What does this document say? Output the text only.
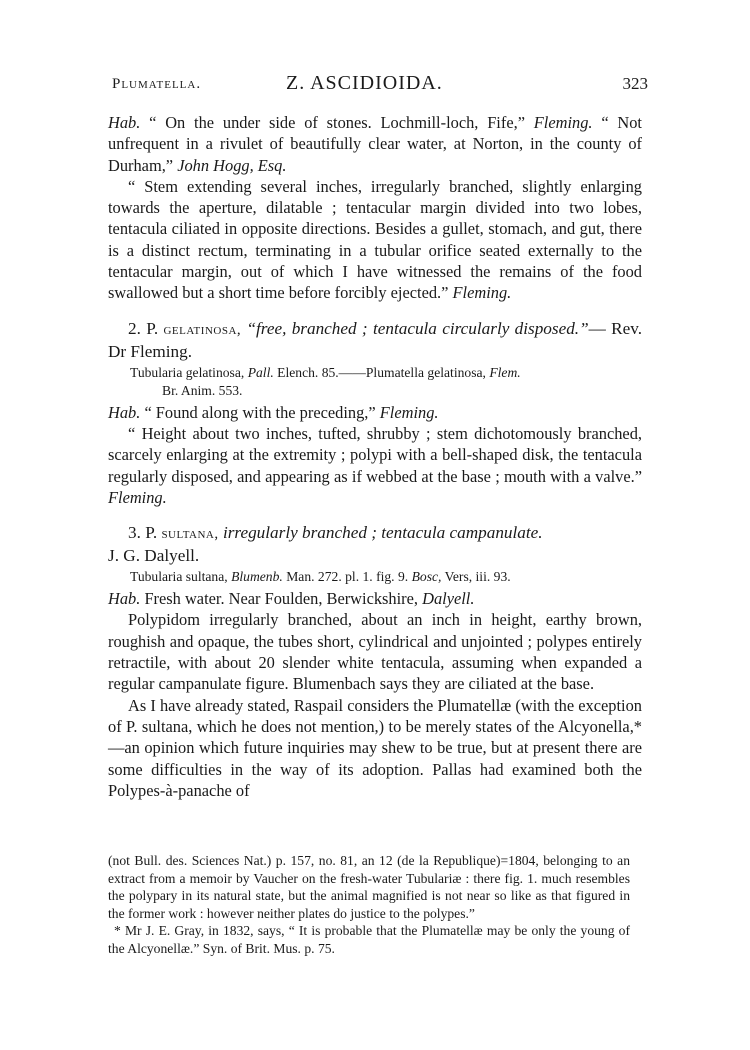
Plumatella.	Z. ASCIDIOIDA.	323

Hab. “ On the under side of stones. Lochmill-loch, Fife,” Fleming. “ Not unfrequent in a rivulet of beautifully clear water, at Norton, in the county of Durham,” John Hogg, Esq.

“ Stem extending several inches, irregularly branched, slightly enlarging towards the aperture, dilatable ; tentacular margin divided into two lobes, tentacula ciliated in opposite directions. Besides a gullet, stomach, and gut, there is a distinct rectum, terminating in a tubular orifice seated externally to the tentacular margin, out of which I have witnessed the remains of the food swallowed but a short time before forcibly ejected.” Fleming.

2. P. gelatinosa, “free, branched ; tentacula circularly disposed.”— Rev. Dr Fleming.

Tubularia gelatinosa, Pall. Elench. 85.——Plumatella gelatinosa, Flem.
Br. Anim. 553.

Hab. “ Found along with the preceding,” Fleming.

“ Height about two inches, tufted, shrubby ; stem dichotomously branched, scarcely enlarging at the extremity ; polypi with a bell-shaped disk, the tentacula regularly disposed, and appearing as if webbed at the base ; mouth with a valve.” Fleming.

3. P. sultana, irregularly branched ; tentacula campanulate.
J. G. Dalyell.

Tubularia sultana, Blumenb. Man. 272. pl. 1. fig. 9. Bosc, Vers, iii. 93.

Hab. Fresh water. Near Foulden, Berwickshire, Dalyell.

Polypidom irregularly branched, about an inch in height, earthy brown, roughish and opaque, the tubes short, cylindrical and unjointed ; polypes entirely retractile, with about 20 slender white tentacula, assuming when expanded a regular campanulate figure. Blumenbach says they are ciliated at the base.

As I have already stated, Raspail considers the Plumatellæ (with the exception of P. sultana, which he does not mention,) to be merely states of the Alcyonella,*—an opinion which future inquiries may shew to be true, but at present there are some difficulties in the way of its adoption. Pallas had examined both the Polypes-à-panache of

(not Bull. des. Sciences Nat.) p. 157, no. 81, an 12 (de la Republique)=1804, belonging to an extract from a memoir by Vaucher on the fresh-water Tubulariæ : there fig. 1. much resembles the polypary in its natural state, but the animal magnified is not near so like as that figured in the former work : however neither plates do justice to the polypes.”

* Mr J. E. Gray, in 1832, says, “ It is probable that the Plumatellæ may be only the young of the Alcyonellæ.” Syn. of Brit. Mus. p. 75.
